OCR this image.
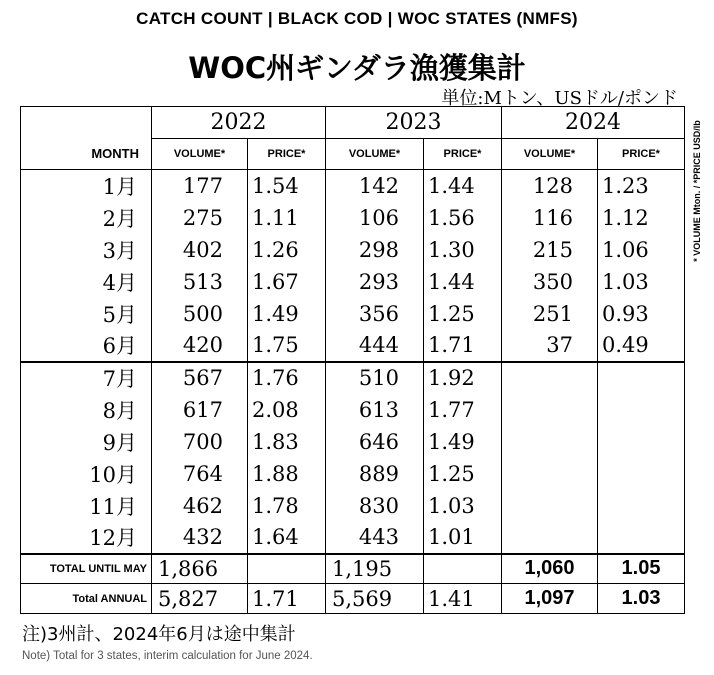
CATCH COUNT | BLACK COD | WOC STATES (NMFS)
WOC州ギンダラ漁獲集計
単位:Mトン、USドル/ポンド
	2022		2023		2024	
MONTH	VOLUME*	PRICE*	VOLUME*	PRICE*	VOLUME*	PRICE*
1月	177	1.54	142	1.44	128	1.23
2月	275	1.11	106	1.56	116	1.12
3月	402	1.26	298	1.30	215	1.06
4月	513	1.67	293	1.44	350	1.03
5月	500	1.49	356	1.25	251	0.93
6月	420	1.75	444	1.71	37	0.49
7月	567	1.76	510	1.92		
8月	617	2.08	613	1.77		
9月	700	1.83	646	1.49		
10月	764	1.88	889	1.25		
11月	462	1.78	830	1.03		
12月	432	1.64	443	1.01		
TOTAL UNTIL MAY	1,866		1,195		1,060	1.05
Total ANNUAL	5,827	1.71	5,569	1.41	1,097	1.03
* VOLUME Mton. / *PRICE USD/lb
注)3州計、2024年6月は途中集計
Note) Total for 3 states, interim calculation for June 2024.
